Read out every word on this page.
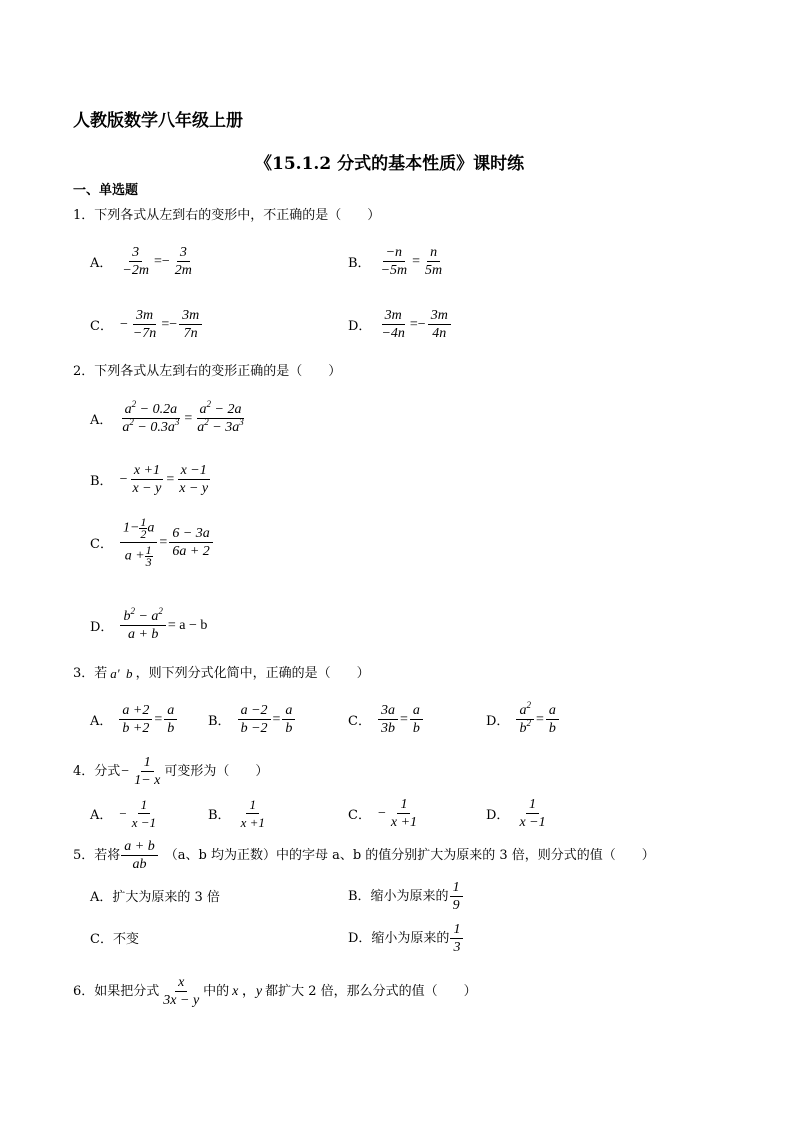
人教版数学八年级上册
《15.1.2 分式的基本性质》课时练
一、单选题
1．下列各式从左到右的变形中，不正确的是（　　）
A． $\frac{3}{-2m} =- \frac{3}{2m}$	B． $\frac{-n}{-5m} = \frac{n}{5m}$
C． − $\frac{3m}{-7n} =- \frac{3m}{7n}$	D． $\frac{3m}{-4n} =- \frac{3m}{4n}$
2．下列各式从左到右的变形正确的是（　　）
A． $\frac{a^2 - 0.2a}{a^2 - 0.3a^3} = \frac{a^2 - 2a}{a^2 - 3a^3}$
B． − $\frac{x +1}{x - y} = \frac{x -1}{x - y}$
C． $\frac{1- \frac{1}{2} a}{a + \frac{1}{3}} = \frac{6 - 3a}{6a + 2}$
D． $\frac{b^2 - a^2}{a + b} = a - b$
3．若 a'  b ，则下列分式化简中，正确的是（　　）
A． $\frac{a +2}{b +2} = \frac{a}{b}$ B． $\frac{a -2}{b -2} = \frac{a}{b}$	C． $\frac{3a}{3b} = \frac{a}{b}$	D． $\frac{a^2}{b^2} = \frac{a}{b}$
4．分式 − $\frac{1}{1- x}$ 可变形为（　　）
A． − $\frac{1}{x -1}$	B． $\frac{1}{x +1}$	C． − $\frac{1}{x +1}$	D． $\frac{1}{x -1}$
5．若将 $\frac{a + b}{ab} (a$、b 均为正数）中的字母 a、b 的值分别扩大为原来的 3 倍，则分式的值（　　）
A．扩大为原来的 3 倍	B．缩小为原来的 $\frac{1}{9}$
C．不变	D．缩小为原来的 $\frac{1}{3}$
6．如果把分式 $\frac{x}{3x - y}$ 中的 x ，y 都扩大 2 倍，那么分式的值（　　）
